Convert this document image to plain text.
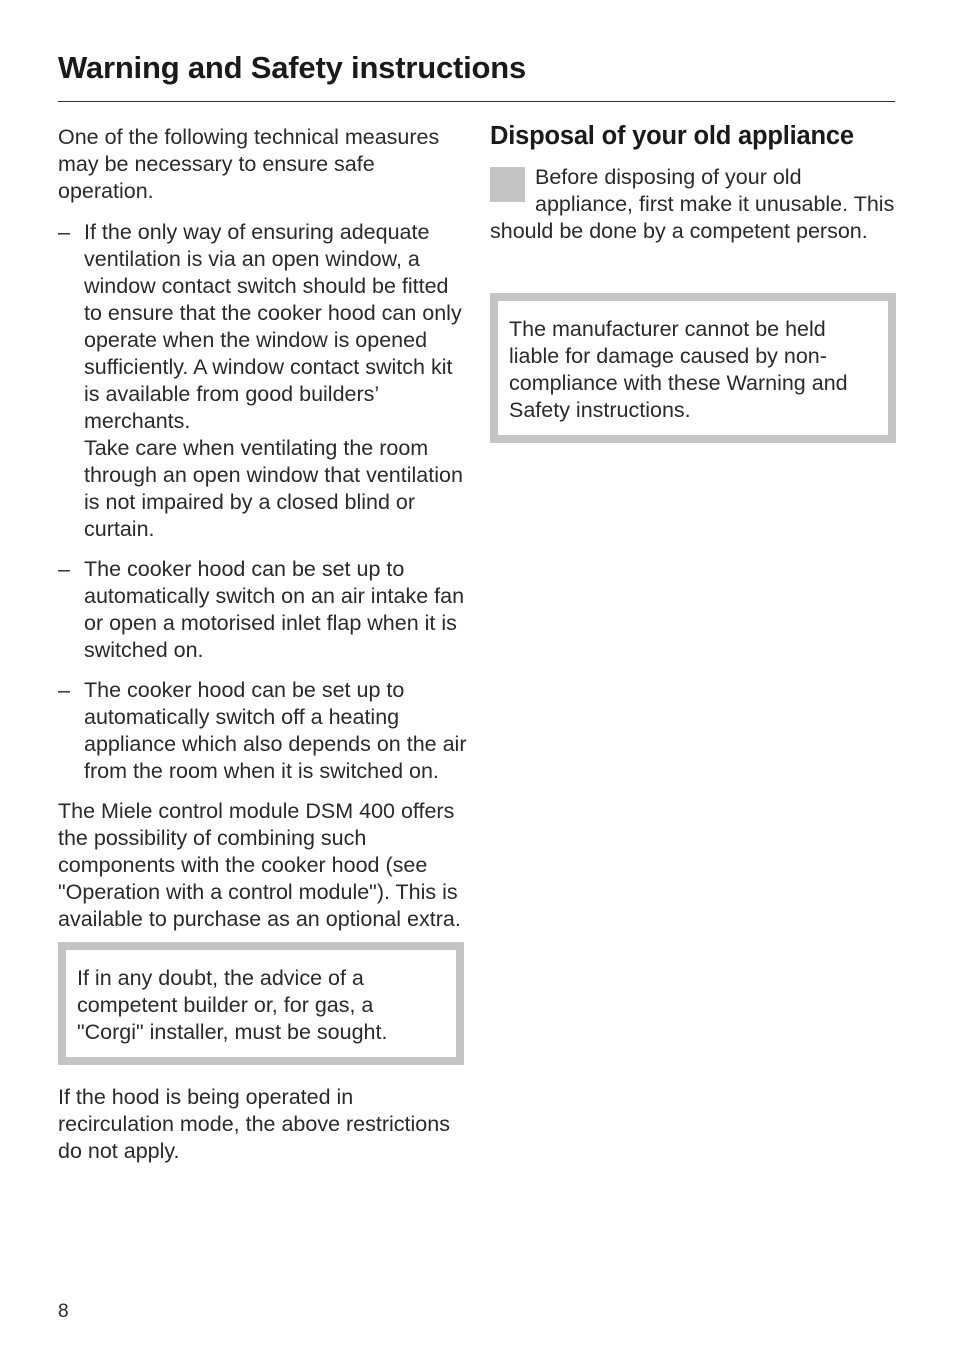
Warning and Safety instructions

One of the following technical measures may be necessary to ensure safe operation.

– If the only way of ensuring adequate ventilation is via an open window, a window contact switch should be fitted to ensure that the cooker hood can only operate when the window is opened sufficiently. A window contact switch kit is available from good builders’ merchants.
Take care when ventilating the room through an open window that ventilation is not impaired by a closed blind or curtain.
– The cooker hood can be set up to automatically switch on an air intake fan or open a motorised inlet flap when it is switched on.
– The cooker hood can be set up to automatically switch off a heating appliance which also depends on the air from the room when it is switched on.

The Miele control module DSM 400 offers the possibility of combining such components with the cooker hood (see "Operation with a control module"). This is available to purchase as an optional extra.

If in any doubt, the advice of a competent builder or, for gas, a "Corgi" installer, must be sought.

If the hood is being operated in recirculation mode, the above restrictions do not apply.

Disposal of your old appliance

Before disposing of your old appliance, first make it unusable. This should be done by a competent person.

The manufacturer cannot be held liable for damage caused by non-compliance with these Warning and Safety instructions.

8
